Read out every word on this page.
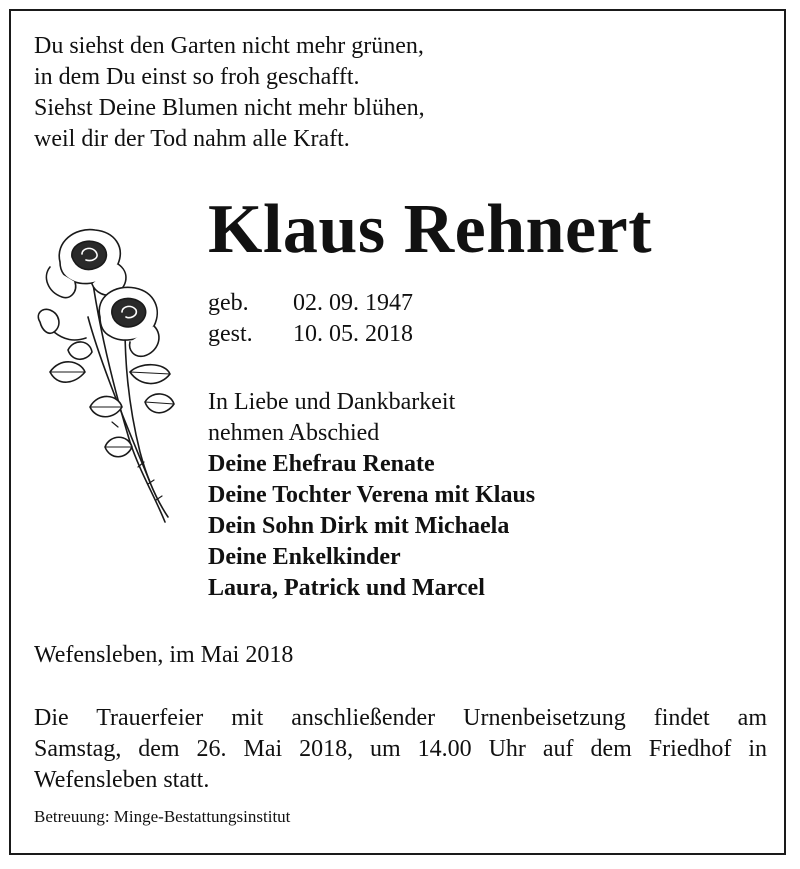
Du siehst den Garten nicht mehr grünen,
in dem Du einst so froh geschafft.
Siehst Deine Blumen nicht mehr blühen,
weil dir der Tod nahm alle Kraft.
Klaus Rehnert
geb.	02. 09. 1947
gest.	10. 05. 2018
In Liebe und Dankbarkeit
nehmen Abschied
Deine Ehefrau Renate
Deine Tochter Verena mit Klaus
Dein Sohn Dirk mit Michaela
Deine Enkelkinder
Laura, Patrick und Marcel
Wefensleben, im Mai 2018
Die Trauerfeier mit anschließender Urnenbeisetzung findet am
Samstag, dem 26. Mai 2018, um 14.00 Uhr auf dem Friedhof in
Wefensleben statt.
Betreuung: Minge-Bestattungsinstitut
